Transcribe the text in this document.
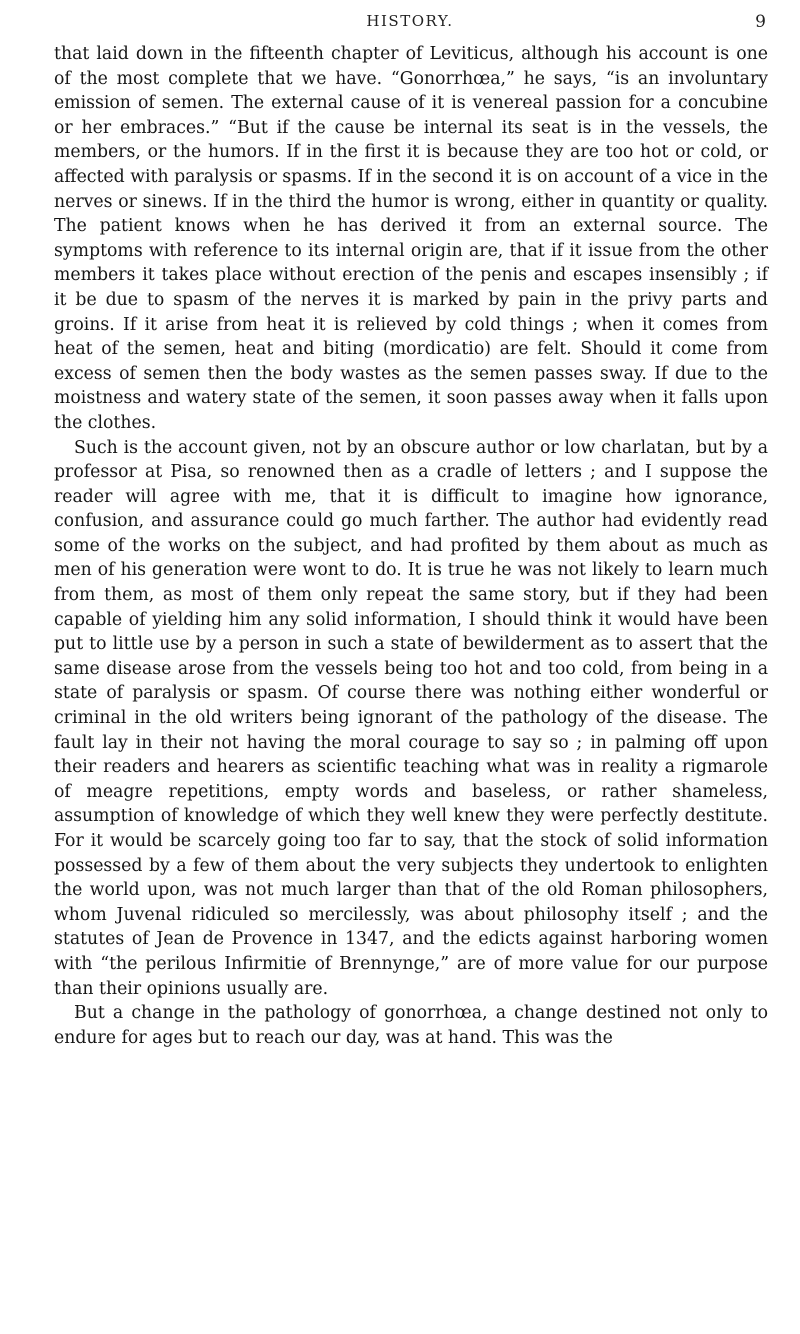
HISTORY.	9

that laid down in the fifteenth chapter of Leviticus, although his account is one of the most complete that we have. “Gonorrhœa,” he says, “is an involuntary emission of semen. The external cause of it is venereal passion for a concubine or her embraces.” “But if the cause be internal its seat is in the vessels, the members, or the humors. If in the first it is because they are too hot or cold, or affected with paralysis or spasms. If in the second it is on account of a vice in the nerves or sinews. If in the third the humor is wrong, either in quantity or quality. The patient knows when he has derived it from an external source. The symptoms with reference to its internal origin are, that if it issue from the other members it takes place without erection of the penis and escapes insensibly ; if it be due to spasm of the nerves it is marked by pain in the privy parts and groins. If it arise from heat it is relieved by cold things ; when it comes from heat of the semen, heat and biting (mordicatio) are felt. Should it come from excess of semen then the body wastes as the semen passes sway. If due to the moistness and watery state of the semen, it soon passes away when it falls upon the clothes.

Such is the account given, not by an obscure author or low charlatan, but by a professor at Pisa, so renowned then as a cradle of letters ; and I suppose the reader will agree with me, that it is difficult to imagine how ignorance, confusion, and assurance could go much farther. The author had evidently read some of the works on the subject, and had profited by them about as much as men of his generation were wont to do. It is true he was not likely to learn much from them, as most of them only repeat the same story, but if they had been capable of yielding him any solid information, I should think it would have been put to little use by a person in such a state of bewilderment as to assert that the same disease arose from the vessels being too hot and too cold, from being in a state of paralysis or spasm. Of course there was nothing either wonderful or criminal in the old writers being ignorant of the pathology of the disease. The fault lay in their not having the moral courage to say so ; in palming off upon their readers and hearers as scientific teaching what was in reality a rigmarole of meagre repetitions, empty words and baseless, or rather shameless, assumption of knowledge of which they well knew they were perfectly destitute. For it would be scarcely going too far to say, that the stock of solid information possessed by a few of them about the very subjects they undertook to enlighten the world upon, was not much larger than that of the old Roman philosophers, whom Juvenal ridiculed so mercilessly, was about philosophy itself ; and the statutes of Jean de Provence in 1347, and the edicts against harboring women with “the perilous Infirmitie of Brennynge,” are of more value for our purpose than their opinions usually are.

But a change in the pathology of gonorrhœa, a change destined not only to endure for ages but to reach our day, was at hand. This was the
